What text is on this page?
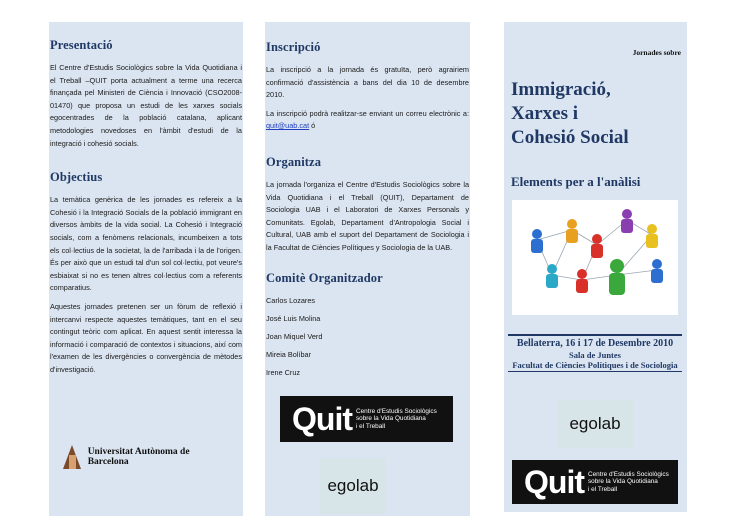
Presentació

El Centre d'Estudis Sociològics sobre la Vida Quotidiana i el Treball –QUIT porta actualment a terme una recerca finançada pel Ministeri de Ciència i Innovació (CSO2008-01470) que proposa un estudi de les xarxes socials egocentrades de la població catalana, aplicant metodologies novedoses en l'àmbit d'estudi de la integració i cohesió socials.

Objectius

La temàtica genèrica de les jornades es refereix a la Cohesió i la Integració Socials de la població immigrant en diversos àmbits de la vida social. La Cohesió i Integració socials, com a fenòmens relacionals, incumbeixen a tots els col·lectius de la societat, la de l'arribada i la de l'origen. És per això que un estudi tal d'un sol col·lectiu, pot veure's esbiaixat si no es tenen altres col·lectius com a referents comparatius.

Aquestes jornades pretenen ser un fòrum de reflexió i intercanvi respecte aquestes temàtiques, tant en el seu contingut teòric com aplicat. En aquest sentit interessa la informació i comparació de contextos i situacions, així com l'examen de les divergències o convergència de mètodes d'investigació.

Universitat Autònoma de Barcelona
Inscripció

La inscripció a la jornada és gratuïta, però agrairiem confirmació d'assistència a bans del dia 10 de desembre 2010.

La inscripció podrà realitzar-se enviant un correu electrònic a: quit@uab.cat ó

Organitza

La jornada l'organiza el Centre d'Estudis Sociològics sobre la Vida Quotidiana i el Treball (QUIT), Departament de Sociologia UAB i el Laboratori de Xarxes Personals y Comunitats. Egolab, Departament d'Antropologia Social i Cultural, UAB amb el suport del Departament de Sociologia i la Facultat de Ciències Polítiques y Sociologia de la UAB.

Comitè Organitzador

Carlos Lozares

José Luis Molina

Joan Miquel Verd

Mireia Bolíbar

Irene Cruz

Quit Centre d'Estudis Sociològics
sobre la Vida Quotidiana
i el Treball
egolab
Jornades sobre
Immigració,
Xarxes i
Cohesió Social
Elements per a l'anàlisi
Bellaterra, 16 i 17 de Desembre 2010
Sala de Juntes
Facultat de Ciències Polítiques i de Sociologia
egolab
Quit Centre d'Estudis Sociològics
sobre la Vida Quotidiana
i el Treball
